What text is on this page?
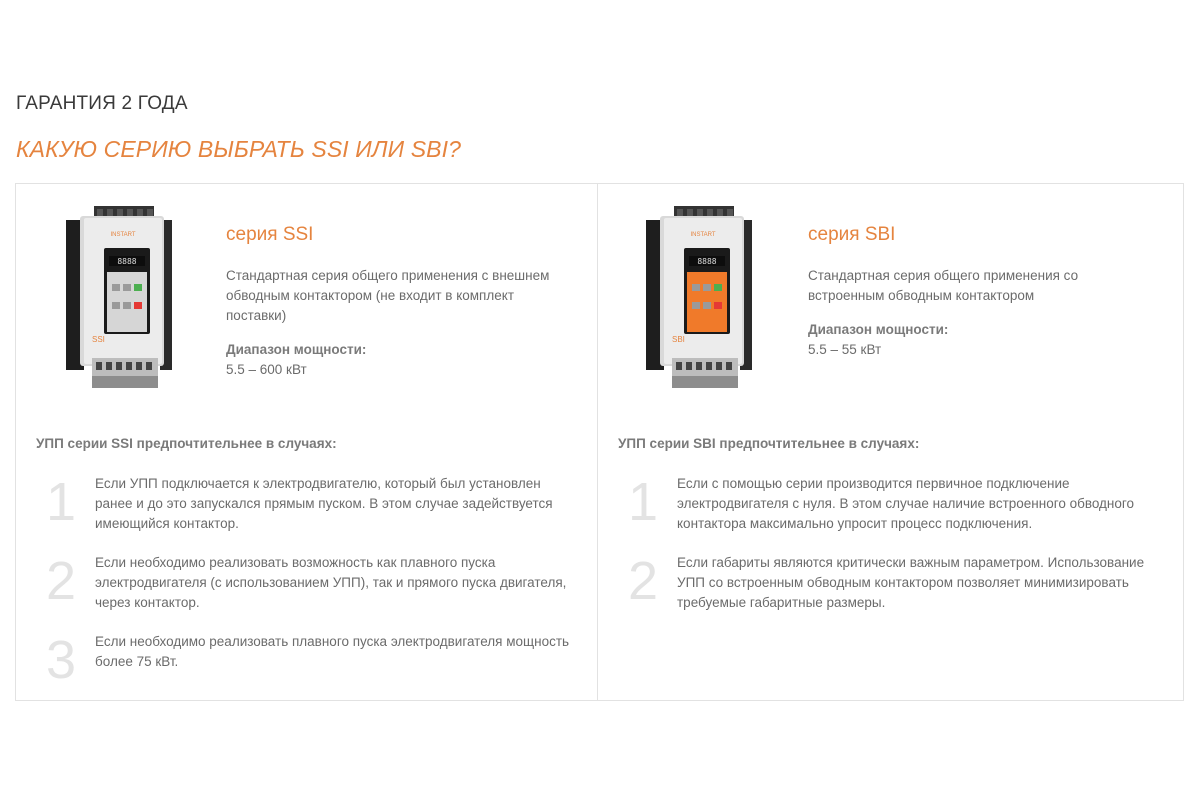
ГАРАНТИЯ 2 ГОДА
КАКУЮ СЕРИЮ ВЫБРАТЬ SSI ИЛИ SBI?
INSTART
8888
SSI
серия SSI

Стандартная серия общего применения с внешнем обводным контактором (не входит в комплект поставки)

Диапазон мощности:
5.5 – 600 кВт
УПП серии SSI предпочтительнее в случаях:
1 Если УПП подключается к электродвигателю, который был установлен ранее и до это запускался прямым пуском. В этом случае задействуется имеющийся контактор.
2 Если необходимо реализовать возможность как плавного пуска электродвигателя (с использованием УПП), так и прямого пуска двигателя, через контактор.
3 Если необходимо реализовать плавного пуска электродвигателя мощность более 75 кВт.
INSTART
8888
SBI
серия SBI

Стандартная серия общего применения со встроенным обводным контактором

Диапазон мощности:
5.5 – 55 кВт
УПП серии SBI предпочтительнее в случаях:
1 Если с помощью серии производится первичное подключение электродвигателя с нуля. В этом случае наличие встроенного обводного контактора максимально упросит процесс подключения.
2 Если габариты являются критически важным параметром. Использование УПП со встроенным обводным контактором позволяет минимизировать требуемые габаритные размеры.
